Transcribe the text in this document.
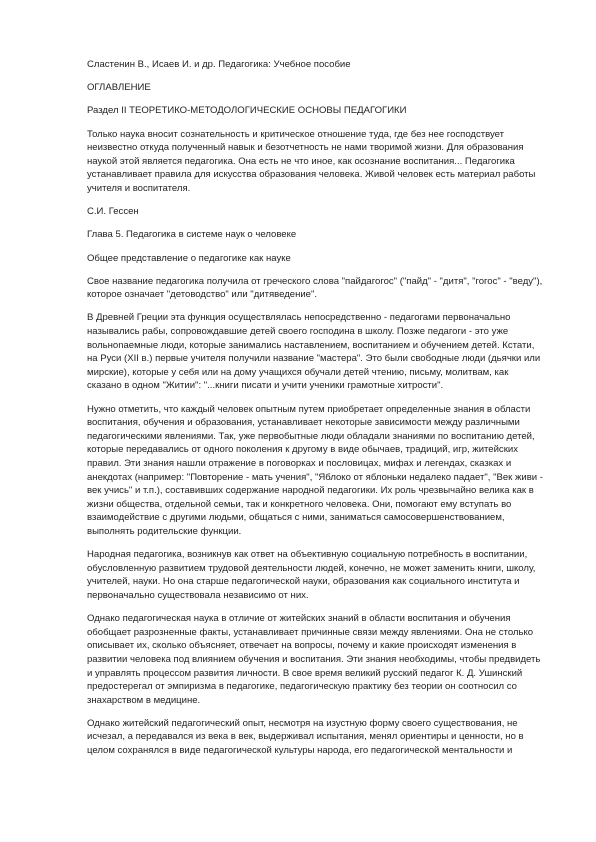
Сластенин В., Исаев И. и др. Педагогика: Учебное пособие

ОГЛАВЛЕНИЕ

Раздел II ТЕОРЕТИКО-МЕТОДОЛОГИЧЕСКИЕ ОСНОВЫ ПЕДАГОГИКИ

Только наука вносит сознательность и критическое отношение туда, где без нее господствует неизвестно откуда полученный навык и безотчетность не нами творимой жизни. Для образования наукой этой является педагогика. Она есть не что иное, как осознание воспитания... Педагогика устанавливает правила для искусства образования человека. Живой человек есть материал работы учителя и воспитателя.

С.И. Гессен

Глава 5. Педагогика в системе наук о человеке

Общее представление о педагогике как науке

Свое название педагогика получила от греческого слова "пайдагогос" ("пайд" - "дитя", "гогос" - "веду"), которое означает "детоводство" или "дитяведение".

В Древней Греции эта функция осуществлялась непосредственно - педагогами первоначально назывались рабы, сопровождавшие детей своего господина в школу. Позже педагоги - это уже вольноnaемные люди, которые занимались наставлением, воспитанием и обучением детей. Кстати, на Руси (XII в.) первые учителя получили название "мастера". Это были свободные люди (дьячки или мирские), которые у себя или на дому учащихся обучали детей чтению, письму, молитвам, как сказано в одном "Житии": "...книги писати и учити ученики грамотные хитрости".

Нужно отметить, что каждый человек опытным путем приобретает определенные знания в области воспитания, обучения и образования, устанавливает некоторые зависимости между различными педагогическими явлениями. Так, уже первобытные люди обладали знаниями по воспитанию детей, которые передавались от одного поколения к другому в виде обычаев, традиций, игр, житейских правил. Эти знания нашли отражение в поговорках и пословицах, мифах и легендах, сказках и анекдотах (например: "Повторение - мать учения", "Яблоко от яблоньки недалеко падает", "Век живи - век учись" и т.п.), составивших содержание народной педагогики. Их роль чрезвычайно велика как в жизни общества, отдельной семьи, так и конкретного человека. Они, помогают ему вступать во взаимодействие с другими людьми, общаться с ними, заниматься самосовершенствованием, выполнять родительские функции.

Народная педагогика, возникнув как ответ на объективную социальную потребность в воспитании, обусловленную развитием трудовой деятельности людей, конечно, не может заменить книги, школу, учителей, науки. Но она старше педагогической науки, образования как социального института и первоначально существовала независимо от них.

Однако педагогическая наука в отличие от житейских знаний в области воспитания и обучения обобщает разрозненные факты, устанавливает причинные связи между явлениями. Она не столько описывает их, сколько объясняет, отвечает на вопросы, почему и какие происходят изменения в развитии человека под влиянием обучения и воспитания. Эти знания необходимы, чтобы предвидеть и управлять процессом развития личности. В свое время великий русский педагог К. Д. Ушинский предостерегал от эмпиризма в педагогике, педагогическую практику без теории он соотносил со знахарством в медицине.

Однако житейский педагогический опыт, несмотря на изустную форму своего существования, не исчезал, а передавался из века в век, выдерживал испытания, менял ориентиры и ценности, но в целом сохранялся в виде педагогической культуры народа, его педагогической ментальности и
